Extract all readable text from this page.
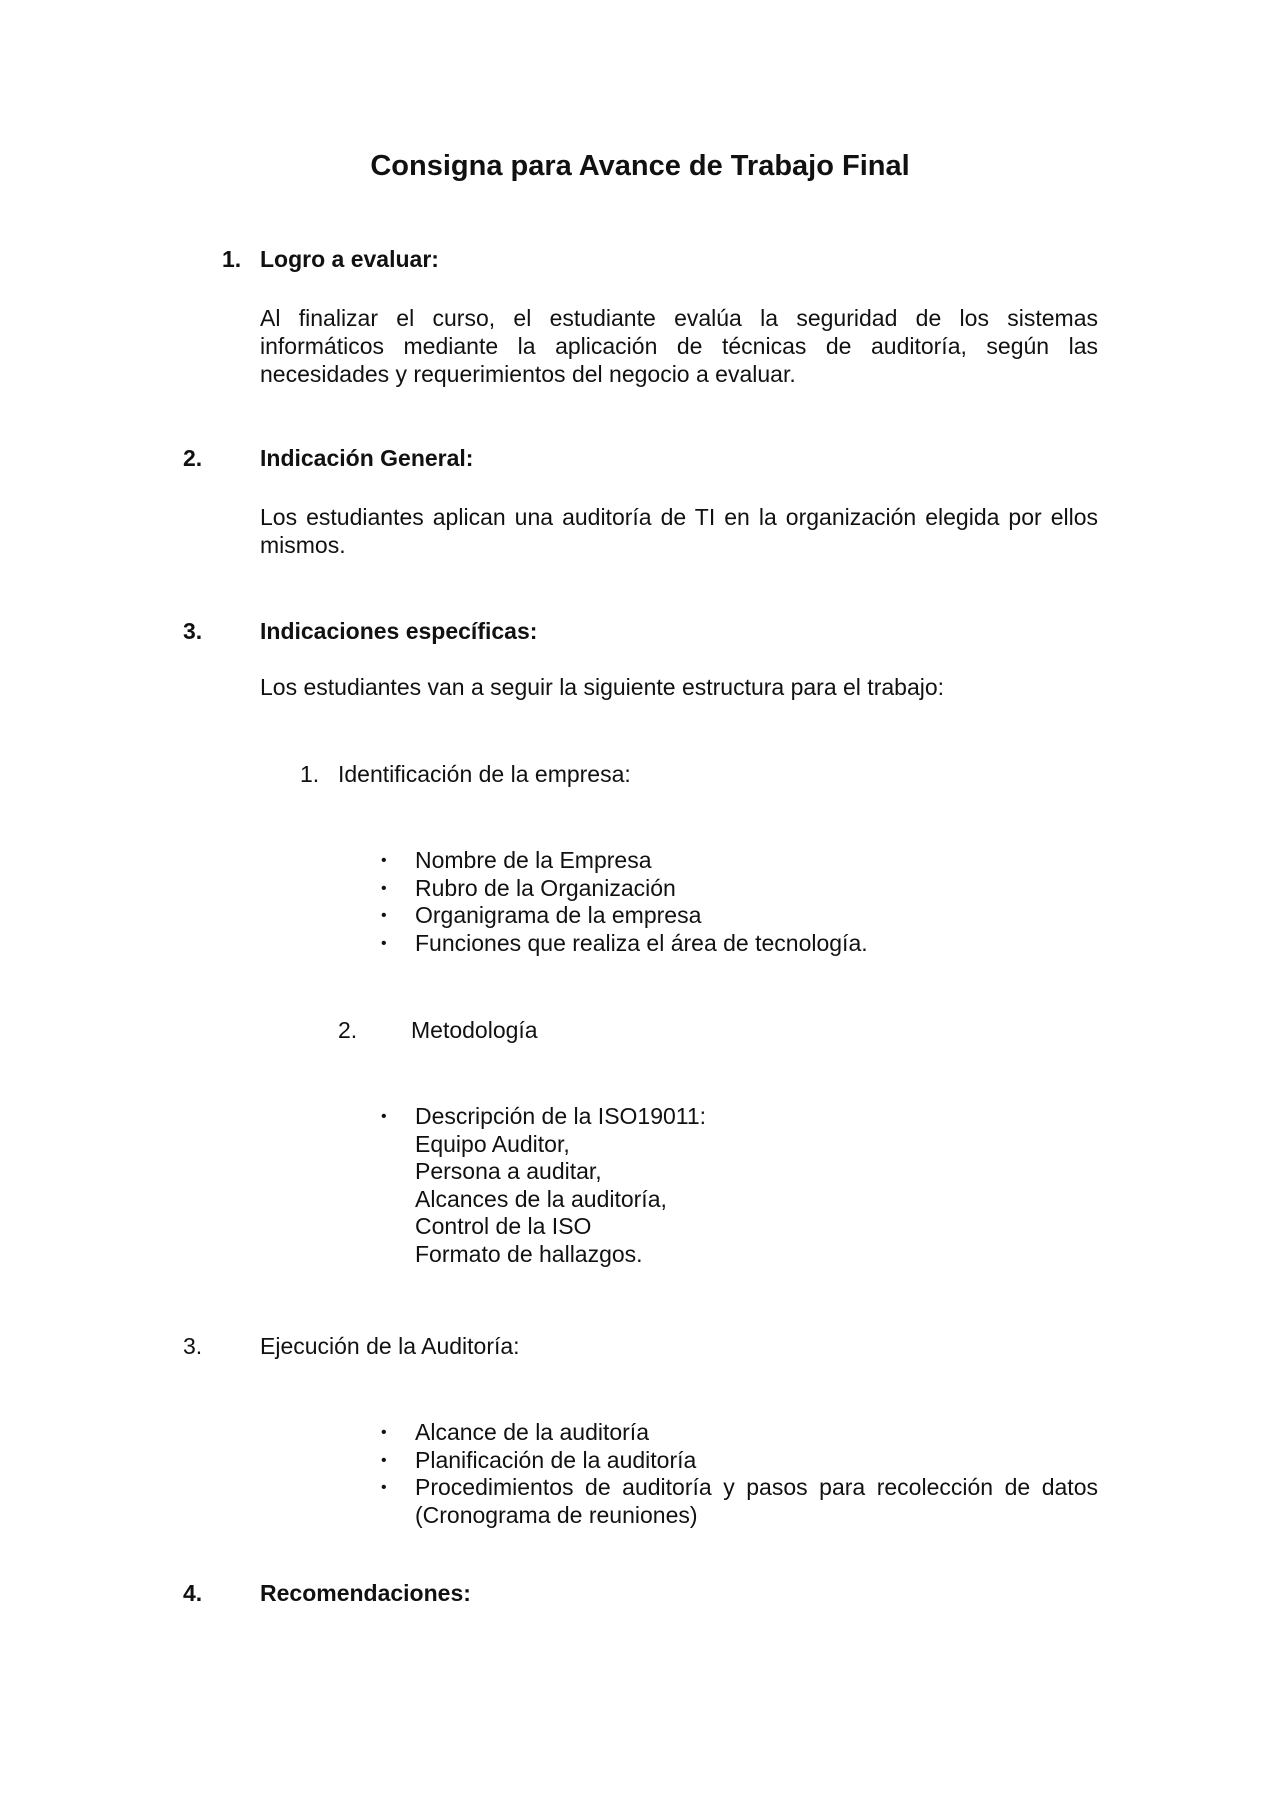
Consigna para Avance de Trabajo Final
1. Logro a evaluar:
Al finalizar el curso, el estudiante evalúa la seguridad de los sistemas
informáticos mediante la aplicación de técnicas de auditoría, según las
necesidades y requerimientos del negocio a evaluar.
2.	Indicación General:
Los estudiantes aplican una auditoría de TI en la organización elegida por ellos
mismos.
3.	Indicaciones específicas:
Los estudiantes van a seguir la siguiente estructura para el trabajo:
1. Identificación de la empresa:
• Nombre de la Empresa
• Rubro de la Organización
• Organigrama de la empresa
• Funciones que realiza el área de tecnología.
2. Metodología
• Descripción de la ISO19011:
Equipo Auditor,
Persona a auditar,
Alcances de la auditoría,
Control de la ISO
Formato de hallazgos.
3.	Ejecución de la Auditoría:
• Alcance de la auditoría
• Planificación de la auditoría
• Procedimientos de auditoría y pasos para recolección de datos
(Cronograma de reuniones)
4.	Recomendaciones:
